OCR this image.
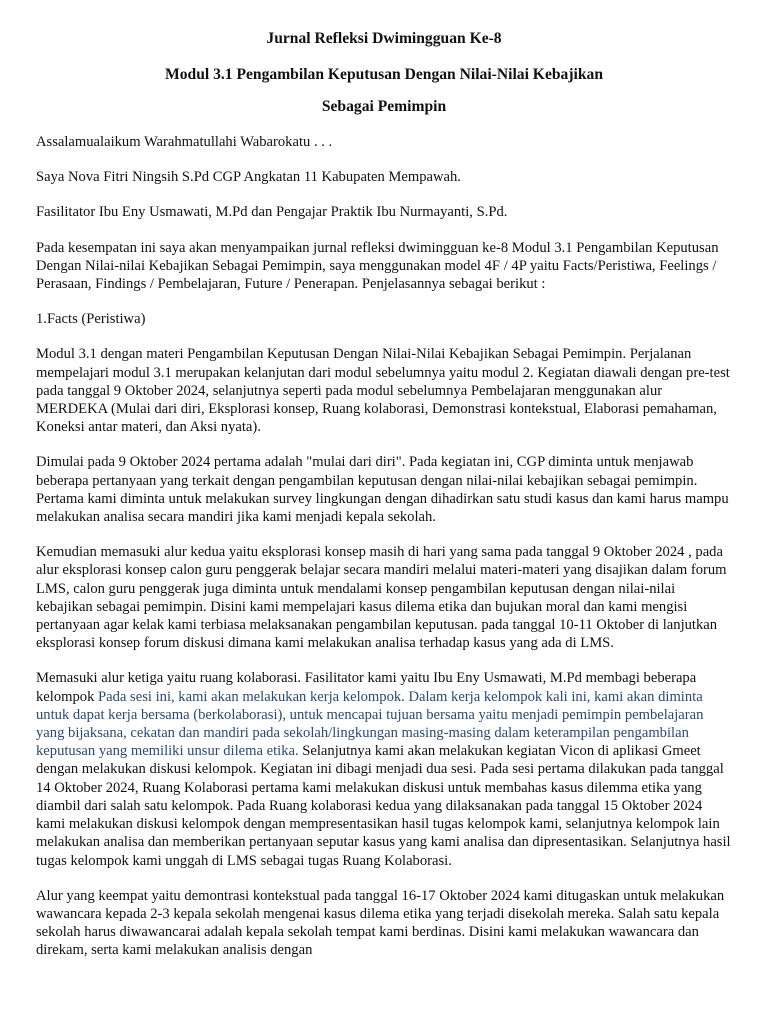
Jurnal Refleksi Dwimingguan Ke-8

Modul 3.1 Pengambilan Keputusan Dengan Nilai-Nilai Kebajikan

Sebagai Pemimpin

Assalamualaikum Warahmatullahi Wabarokatu . . .

Saya Nova Fitri Ningsih S.Pd CGP Angkatan 11 Kabupaten Mempawah.

Fasilitator Ibu Eny Usmawati, M.Pd dan Pengajar Praktik Ibu Nurmayanti, S.Pd.

Pada kesempatan ini saya akan menyampaikan jurnal refleksi dwimingguan ke-8 Modul 3.1 Pengambilan Keputusan Dengan Nilai-nilai Kebajikan Sebagai Pemimpin, saya menggunakan model 4F / 4P yaitu Facts/Peristiwa, Feelings / Perasaan, Findings / Pembelajaran, Future / Penerapan. Penjelasannya sebagai berikut :

1.Facts (Peristiwa)

Modul 3.1 dengan materi Pengambilan Keputusan Dengan Nilai-Nilai Kebajikan Sebagai Pemimpin. Perjalanan mempelajari modul 3.1 merupakan kelanjutan dari modul sebelumnya yaitu modul 2. Kegiatan diawali dengan pre-test pada tanggal 9 Oktober 2024, selanjutnya seperti pada modul sebelumnya Pembelajaran menggunakan alur MERDEKA (Mulai dari diri, Eksplorasi konsep, Ruang kolaborasi, Demonstrasi kontekstual, Elaborasi pemahaman, Koneksi antar materi, dan Aksi nyata).

Dimulai pada 9 Oktober 2024 pertama adalah "mulai dari diri". Pada kegiatan ini, CGP diminta untuk menjawab beberapa pertanyaan yang terkait dengan pengambilan keputusan dengan nilai-nilai kebajikan sebagai pemimpin. Pertama kami diminta untuk melakukan survey lingkungan dengan dihadirkan satu studi kasus dan kami harus mampu melakukan analisa secara mandiri jika kami menjadi kepala sekolah.

Kemudian memasuki alur kedua yaitu eksplorasi konsep masih di hari yang sama pada tanggal 9 Oktober 2024 , pada alur eksplorasi konsep calon guru penggerak belajar secara mandiri melalui materi-materi yang disajikan dalam forum LMS, calon guru penggerak juga diminta untuk mendalami konsep pengambilan keputusan dengan nilai-nilai kebajikan sebagai pemimpin. Disini kami mempelajari kasus dilema etika dan bujukan moral dan kami mengisi pertanyaan agar kelak kami terbiasa melaksanakan pengambilan keputusan. pada tanggal 10-11 Oktober di lanjutkan eksplorasi konsep forum diskusi dimana kami melakukan analisa terhadap kasus yang ada di LMS.

Memasuki alur ketiga yaitu ruang kolaborasi. Fasilitator kami yaitu Ibu Eny Usmawati, M.Pd membagi beberapa kelompok Pada sesi ini, kami akan melakukan kerja kelompok. Dalam kerja kelompok kali ini, kami akan diminta untuk dapat kerja bersama (berkolaborasi), untuk mencapai tujuan bersama yaitu menjadi pemimpin pembelajaran yang bijaksana, cekatan dan mandiri pada sekolah/lingkungan masing-masing dalam keterampilan pengambilan keputusan yang memiliki unsur dilema etika. Selanjutnya kami akan melakukan kegiatan Vicon di aplikasi Gmeet dengan melakukan diskusi kelompok. Kegiatan ini dibagi menjadi dua sesi. Pada sesi pertama dilakukan pada tanggal 14 Oktober 2024, Ruang Kolaborasi pertama kami melakukan diskusi untuk membahas kasus dilemma etika yang diambil dari salah satu kelompok. Pada Ruang kolaborasi kedua yang dilaksanakan pada tanggal 15 Oktober 2024 kami melakukan diskusi kelompok dengan mempresentasikan hasil tugas kelompok kami, selanjutnya kelompok lain melakukan analisa dan memberikan pertanyaan seputar kasus yang kami analisa dan dipresentasikan. Selanjutnya hasil tugas kelompok kami unggah di LMS sebagai tugas Ruang Kolaborasi.

Alur yang keempat yaitu demontrasi kontekstual pada tanggal 16-17 Oktober 2024 kami ditugaskan untuk melakukan wawancara kepada 2-3 kepala sekolah mengenai kasus dilema etika yang terjadi disekolah mereka. Salah satu kepala sekolah harus diwawancarai adalah kepala sekolah tempat kami berdinas. Disini kami melakukan wawancara dan direkam, serta kami melakukan analisis dengan
